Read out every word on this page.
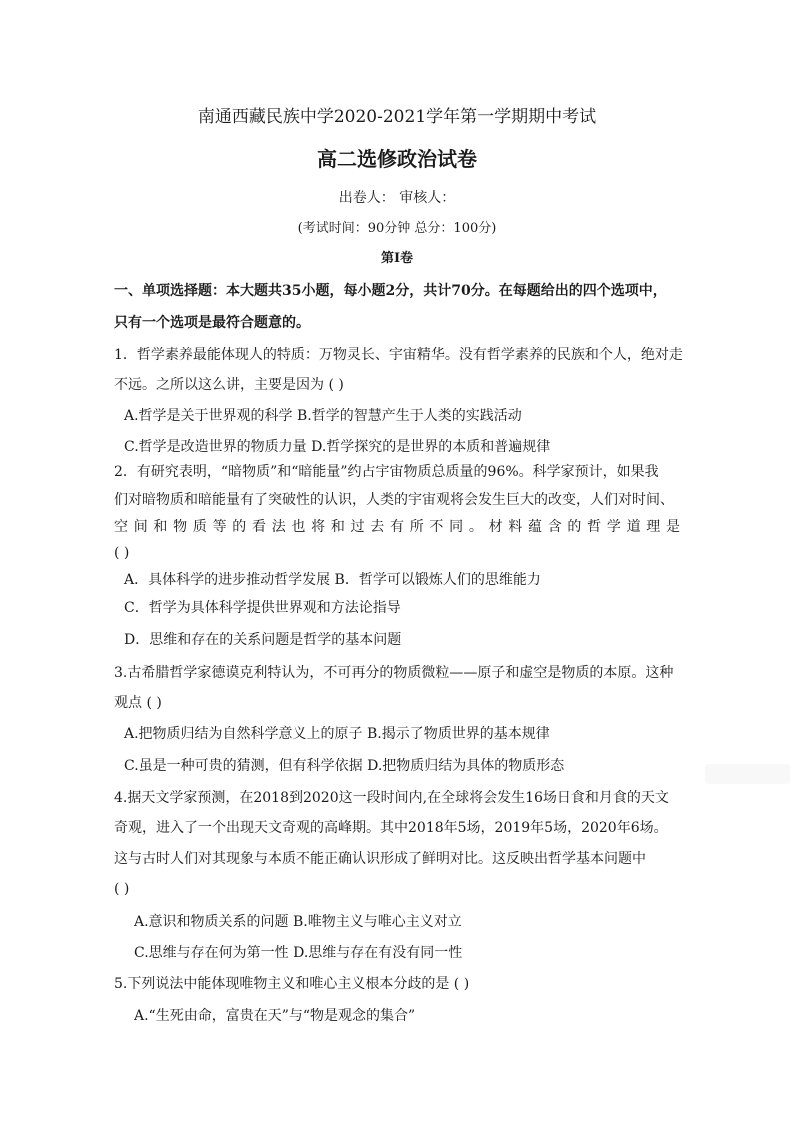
南通西藏民族中学2020-2021学年第一学期期中考试
高二选修政治试卷
出卷人： 审核人：
(考试时间：90分钟 总分：100分)
第Ⅰ卷
一、单项选择题：本大题共35小题，每小题2分，共计70分。在每题给出的四个选项中，
只有一个选项是最符合题意的。
1．哲学素养最能体现人的特质：万物灵长、宇宙精华。没有哲学素养的民族和个人，绝对走
不远。之所以这么讲，主要是因为 ( )
A.哲学是关于世界观的科学 B.哲学的智慧产生于人类的实践活动
C.哲学是改造世界的物质力量 D.哲学探究的是世界的本质和普遍规律
2．有研究表明，“暗物质”和“暗能量”约占宇宙物质总质量的96%。科学家预计，如果我
们对暗物质和暗能量有了突破性的认识，人类的宇宙观将会发生巨大的改变，人们对时间、
空间和物质等的看法也将和过去有所不同。材料蕴含的哲学道理是
( )
A．具体科学的进步推动哲学发展 B．哲学可以锻炼人们的思维能力
C．哲学为具体科学提供世界观和方法论指导
D．思维和存在的关系问题是哲学的基本问题
3.古希腊哲学家德谟克利特认为，不可再分的物质微粒——原子和虚空是物质的本原。这种
观点 ( )
A.把物质归结为自然科学意义上的原子 B.揭示了物质世界的基本规律
C.虽是一种可贵的猜测，但有科学依据 D.把物质归结为具体的物质形态
4.据天文学家预测，在2018到2020这一段时间内,在全球将会发生16场日食和月食的天文
奇观，进入了一个出现天文奇观的高峰期。其中2018年5场，2019年5场，2020年6场。
这与古时人们对其现象与本质不能正确认识形成了鲜明对比。这反映出哲学基本问题中
( )
A.意识和物质关系的问题 B.唯物主义与唯心主义对立
C.思维与存在何为第一性 D.思维与存在有没有同一性
5.下列说法中能体现唯物主义和唯心主义根本分歧的是 ( )
A.“生死由命，富贵在天”与“物是观念的集合”
